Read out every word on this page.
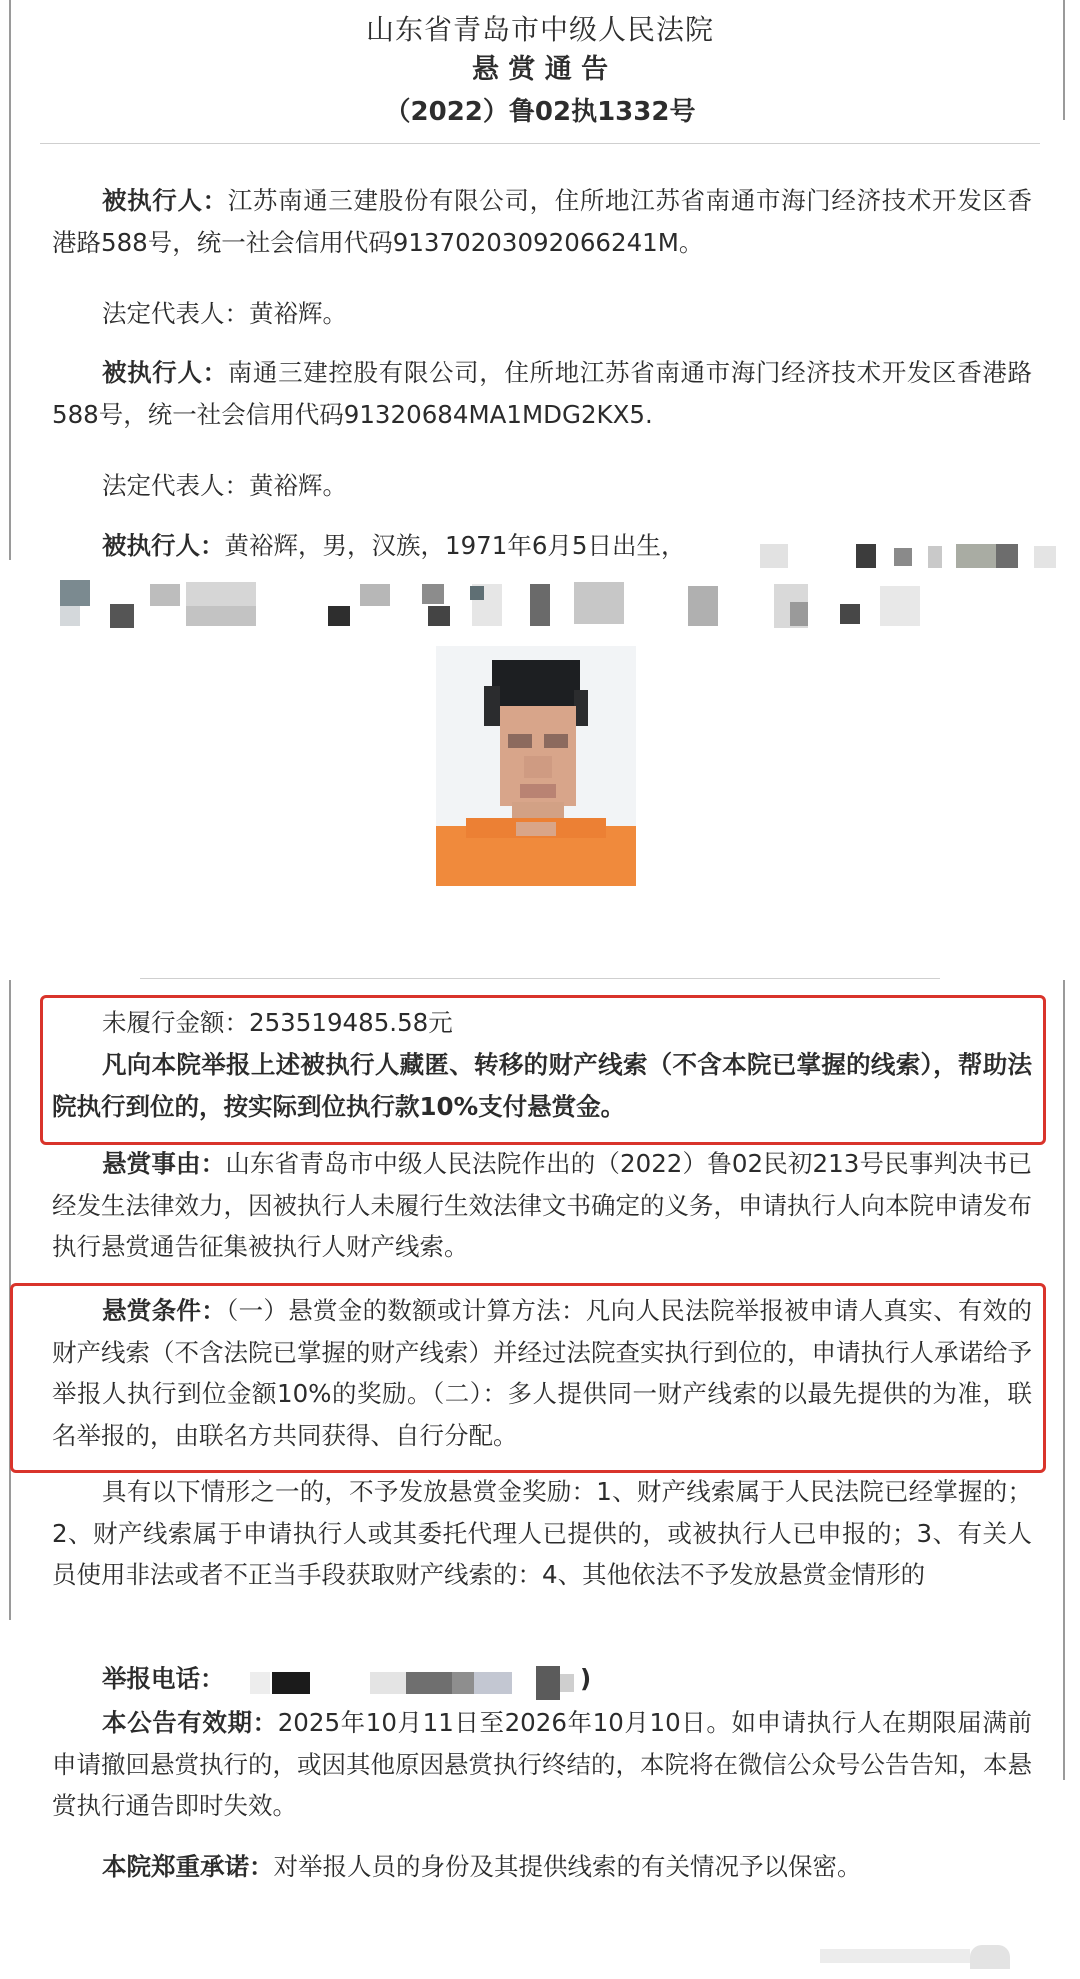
山东省青岛市中级人民法院
悬 赏 通 告
（2022）鲁02执1332号
被执行人：江苏南通三建股份有限公司，住所地江苏省南通市海门经济技术开发区香港路588号，统一社会信用代码91370203092066241M。
法定代表人：黄裕辉。
被执行人：南通三建控股有限公司，住所地江苏省南通市海门经济技术开发区香港路588号，统一社会信用代码91320684MA1MDG2KX5.
法定代表人：黄裕辉。
被执行人：黄裕辉，男，汉族，1971年6月5日出生，
未履行金额：253519485.58元
凡向本院举报上述被执行人藏匿、转移的财产线索（不含本院已掌握的线索），帮助法院执行到位的，按实际到位执行款10%支付悬赏金。
悬赏事由：山东省青岛市中级人民法院作出的（2022）鲁02民初213号民事判决书已经发生法律效力，因被执行人未履行生效法律文书确定的义务，申请执行人向本院申请发布执行悬赏通告征集被执行人财产线索。
悬赏条件：（一）悬赏金的数额或计算方法：凡向人民法院举报被申请人真实、有效的财产线索（不含法院已掌握的财产线索）并经过法院查实执行到位的，申请执行人承诺给予举报人执行到位金额10%的奖励。（二）：多人提供同一财产线索的以最先提供的为准，联名举报的，由联名方共同获得、自行分配。
具有以下情形之一的，不予发放悬赏金奖励：1、财产线索属于人民法院已经掌握的；2、财产线索属于申请执行人或其委托代理人已提供的，或被执行人已申报的；3、有关人员使用非法或者不正当手段获取财产线索的：4、其他依法不予发放悬赏金情形的
举报电话：	)
本公告有效期：2025年10月11日至2026年10月10日。如申请执行人在期限届满前申请撤回悬赏执行的，或因其他原因悬赏执行终结的，本院将在微信公众号公告告知，本悬赏执行通告即时失效。
本院郑重承诺：对举报人员的身份及其提供线索的有关情况予以保密。
